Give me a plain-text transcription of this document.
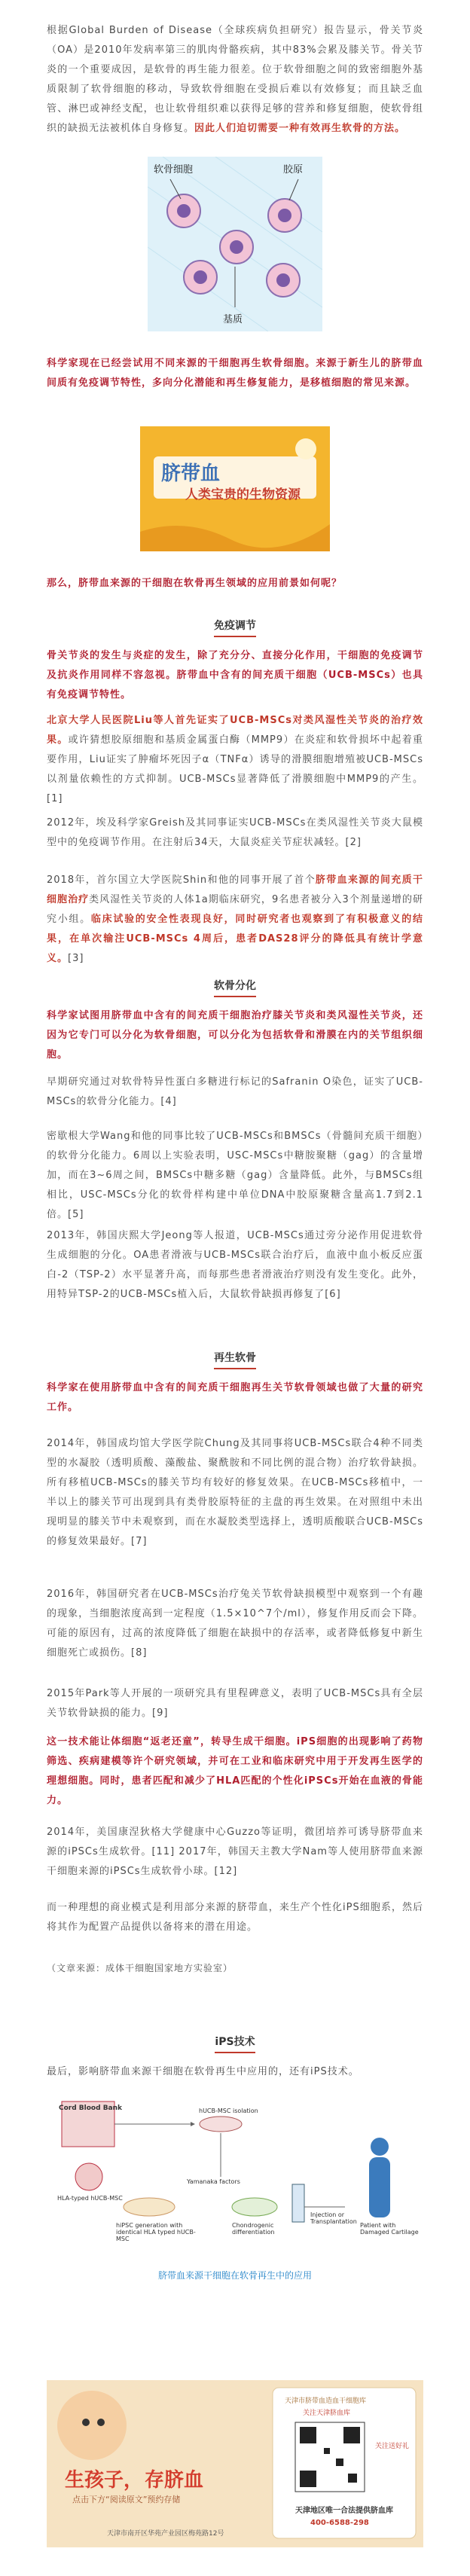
根据Global Burden of Disease（全球疾病负担研究）报告显示，骨关节炎（OA）是2010年发病率第三的肌肉骨骼疾病，其中83%会累及膝关节。骨关节炎的一个重要成因，是软骨的再生能力很差。位于软骨细胞之间的致密细胞外基质限制了软骨细胞的移动，导致软骨细胞在受损后难以有效修复；而且缺乏血管、淋巴或神经支配，也让软骨组织难以获得足够的营养和修复细胞，使软骨组织的缺损无法被机体自身修复。因此人们迫切需要一种有效再生软骨的方法。

软骨细胞	胶原
基质

科学家现在已经尝试用不同来源的干细胞再生软骨细胞。来源于新生儿的脐带血间质有免疫调节特性，多向分化潜能和再生修复能力，是移植细胞的常见来源。

脐带血
人类宝贵的生物资源

那么，脐带血来源的干细胞在软骨再生领域的应用前景如何呢？

免疫调节

骨关节炎的发生与炎症的发生，除了充分分、直接分化作用，干细胞的免疫调节及抗炎作用同样不容忽视。脐带血中含有的间充质干细胞（UCB-MSCs）也具有免疫调节特性。

北京大学人民医院Liu等人首先证实了UCB-MSCs对类风湿性关节炎的治疗效果。或许猜想胶原细胞和基质金属蛋白酶（MMP9）在炎症和软骨损坏中起着重要作用，Liu证实了肿瘤坏死因子α（TNFα）诱导的滑膜细胞增殖被UCB-MSCs以剂量依赖性的方式抑制。UCB-MSCs显著降低了滑膜细胞中MMP9的产生。[1]

2012年，埃及科学家Greish及其同事证实UCB-MSCs在类风湿性关节炎大鼠模型中的免疫调节作用。在注射后34天，大鼠炎症关节症状减轻。[2]

2018年，首尔国立大学医院Shin和他的同事开展了首个脐带血来源的间充质干细胞治疗类风湿性关节炎的人体1a期临床研究，9名患者被分入3个剂量递增的研究小组。临床试验的安全性表现良好，同时研究者也观察到了有积极意义的结果，在单次输注UCB-MSCs 4周后，患者DAS28评分的降低具有统计学意义。[3]

软骨分化

科学家试图用脐带血中含有的间充质干细胞治疗膝关节炎和类风湿性关节炎，还因为它专门可以分化为软骨细胞，可以分化为包括软骨和滑膜在内的关节组织细胞。

早期研究通过对软骨特异性蛋白多糖进行标记的Safranin O染色，证实了UCB-MSCs的软骨分化能力。[4]

密歇根大学Wang和他的同事比较了UCB-MSCs和BMSCs（骨髓间充质干细胞）的软骨分化能力。6周以上实验表明，USC-MSCs中糖胺聚糖（gag）的含量增加，而在3~6周之间，BMSCs中糖多糖（gag）含量降低。此外，与BMSCs组相比，USC-MSCs分化的软骨样构建中单位DNA中胶原聚糖含量高1.7到2.1倍。[5]

2013年，韩国庆熙大学Jeong等人报道，UCB-MSCs通过旁分泌作用促进软骨生成细胞的分化。OA患者滑液与UCB-MSCs联合治疗后，血液中血小板反应蛋白-2（TSP-2）水平显著升高，而每那些患者滑液治疗则没有发生变化。此外，用特异TSP-2的UCB-MSCs植入后，大鼠软骨缺损再修复了[6]

再生软骨

科学家在使用脐带血中含有的间充质干细胞再生关节软骨领域也做了大量的研究工作。

2014年，韩国成均馆大学医学院Chung及其同事将UCB-MSCs联合4种不同类型的水凝胶（透明质酸、藻酸盐、聚酰胺和不同比例的混合物）治疗软骨缺损。所有移植UCB-MSCs的膝关节均有较好的修复效果。在UCB-MSCs移植中，一半以上的膝关节可出现到具有类骨胶原特征的主盘的再生效果。在对照组中未出现明显的膝关节中未观察到，而在水凝胶类型选择上，透明质酸联合UCB-MSCs的修复效果最好。[7]

2016年，韩国研究者在UCB-MSCs治疗兔关节软骨缺损模型中观察到一个有趣的现象，当细胞浓度高到一定程度（1.5×10^7个/ml），修复作用反而会下降。可能的原因有，过高的浓度降低了细胞在缺损中的存活率，或者降低修复中新生细胞死亡或损伤。[8]

2015年Park等人开展的一项研究具有里程碑意义，表明了UCB-MSCs具有全层关节软骨缺损的能力。[9]

iPS技术

最后，影响脐带血来源干细胞在软骨再生中应用的，还有iPS技术。

Cord Blood Bank	hUCB-MSC isolation
HLA-typed hUCB-MSC
Yamanaka factors
hiPSC generation with identical HLA typed hUCB-MSC
Chondrogenic differentiation
Injection or Transplantation
Patient with Damaged Cartilage
脐带血来源干细胞在软骨再生中的应用

这一技术能让体细胞“返老还童”，转导生成干细胞。iPS细胞的出现影响了药物筛选、疾病建模等许个研究领域，并可在工业和临床研究中用于开发再生医学的理想细胞。同时，患者匹配和减少了HLA匹配的个性化iPSCs开始在血液的骨能力。

2014年，美国康涅狄格大学健康中心Guzzo等证明，微团培养可诱导脐带血来源的iPSCs生成软骨。[11] 2017年，韩国天主教大学Nam等人使用脐带血来源干细胞来源的iPSCs生成软骨小球。[12]

而一种理想的商业模式是利用部分来源的脐带血，来生产个性化iPS细胞系，然后将其作为配置产品提供以备将来的潜在用途。

（文章来源：成体干细胞国家地方实验室）

生孩子， 存脐血
点击下方“阅读原文”预约存储
天津市脐带血造血干细胞库
关注天津脐血库
关注送好礼
天津地区唯一合法提供脐血库
400-6588-298
天津市南开区华苑产业园区梅苑路12号
